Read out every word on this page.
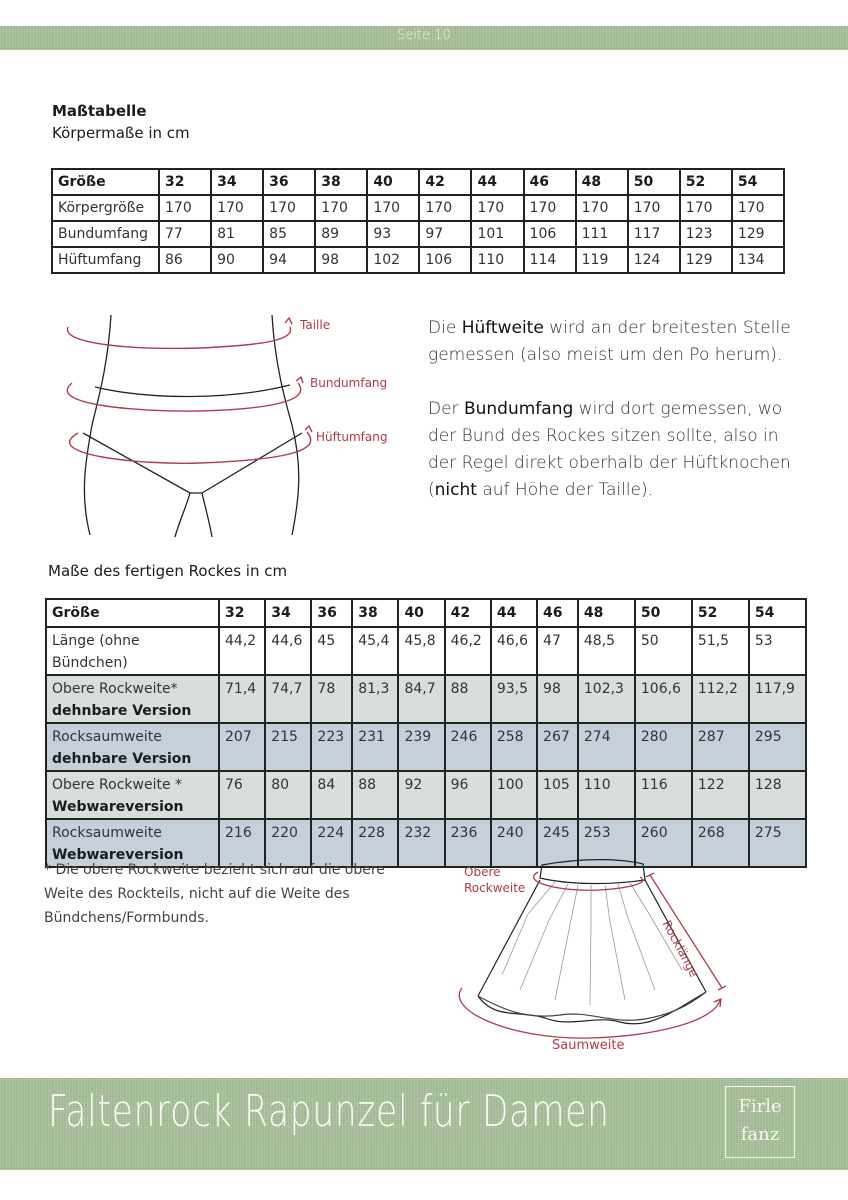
Seite 10
Maßtabelle
Körpermaße in cm
Größe	32	34	36	38	40	42	44	46	48	50	52	54
Körpergröße	170	170	170	170	170	170	170	170	170	170	170	170
Bundumfang	77	81	85	89	93	97	101	106	111	117	123	129
Hüftumfang	86	90	94	98	102	106	110	114	119	124	129	134
Taille
Bundumfang
Hüftumfang

Die Hüftweite wird an der breitesten Stelle gemessen (also meist um den Po herum).

Der Bundumfang wird dort gemessen, wo der Bund des Rockes sitzen sollte, also in der Regel direkt oberhalb der Hüftknochen (nicht auf Höhe der Taille).

Maße des fertigen Rockes in cm
Größe	32	34	36	38	40	42	44	46	48	50	52	54
Länge (ohne Bündchen)	44,2	44,6	45	45,4	45,8	46,2	46,6	47	48,5	50	51,5	53
Obere Rockweite*
dehnbare Version	71,4	74,7	78	81,3	84,7	88	93,5	98	102,3	106,6	112,2	117,9
Rocksaumweite
dehnbare Version	207	215	223	231	239	246	258	267	274	280	287	295
Obere Rockweite *
Webwareversion	76	80	84	88	92	96	100	105	110	116	122	128
Rocksaumweite
Webwareversion	216	220	224	228	232	236	240	245	253	260	268	275
* Die obere Rockweite bezieht sich auf die obere Weite des Rockteils, nicht auf die Weite des Bündchens/Formbunds.
Obere
Rockweite
Rocklänge
Saumweite
Faltenrock Rapunzel für Damen	Firle
fanz
